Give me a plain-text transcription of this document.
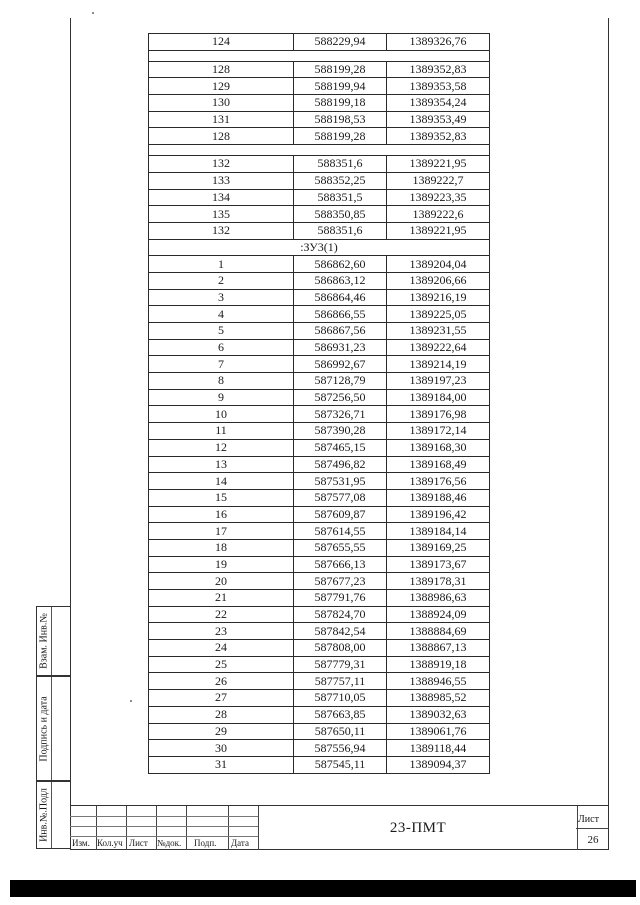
Взам. Инв.№
Подпись и дата
Инв.№.Подл
124	588229,94	1389326,76

128	588199,28	1389352,83
129	588199,94	1389353,58
130	588199,18	1389354,24
131	588198,53	1389353,49
128	588199,28	1389352,83

132	588351,6	1389221,95
133	588352,25	1389222,7
134	588351,5	1389223,35
135	588350,85	1389222,6
132	588351,6	1389221,95
:ЗУ3(1)		
1	586862,60	1389204,04
2	586863,12	1389206,66
3	586864,46	1389216,19
4	586866,55	1389225,05
5	586867,56	1389231,55
6	586931,23	1389222,64
7	586992,67	1389214,19
8	587128,79	1389197,23
9	587256,50	1389184,00
10	587326,71	1389176,98
11	587390,28	1389172,14
12	587465,15	1389168,30
13	587496,82	1389168,49
14	587531,95	1389176,56
15	587577,08	1389188,46
16	587609,87	1389196,42
17	587614,55	1389184,14
18	587655,55	1389169,25
19	587666,13	1389173,67
20	587677,23	1389178,31
21	587791,76	1388986,63
22	587824,70	1388924,09
23	587842,54	1388884,69
24	587808,00	1388867,13
25	587779,31	1388919,18
26	587757,11	1388946,55
27	587710,05	1388985,52
28	587663,85	1389032,63
29	587650,11	1389061,76
30	587556,94	1389118,44
31	587545,11	1389094,37
Изм. Кол.уч Лист №док. Подп. Дата
23-ПМТ
Лист
26
